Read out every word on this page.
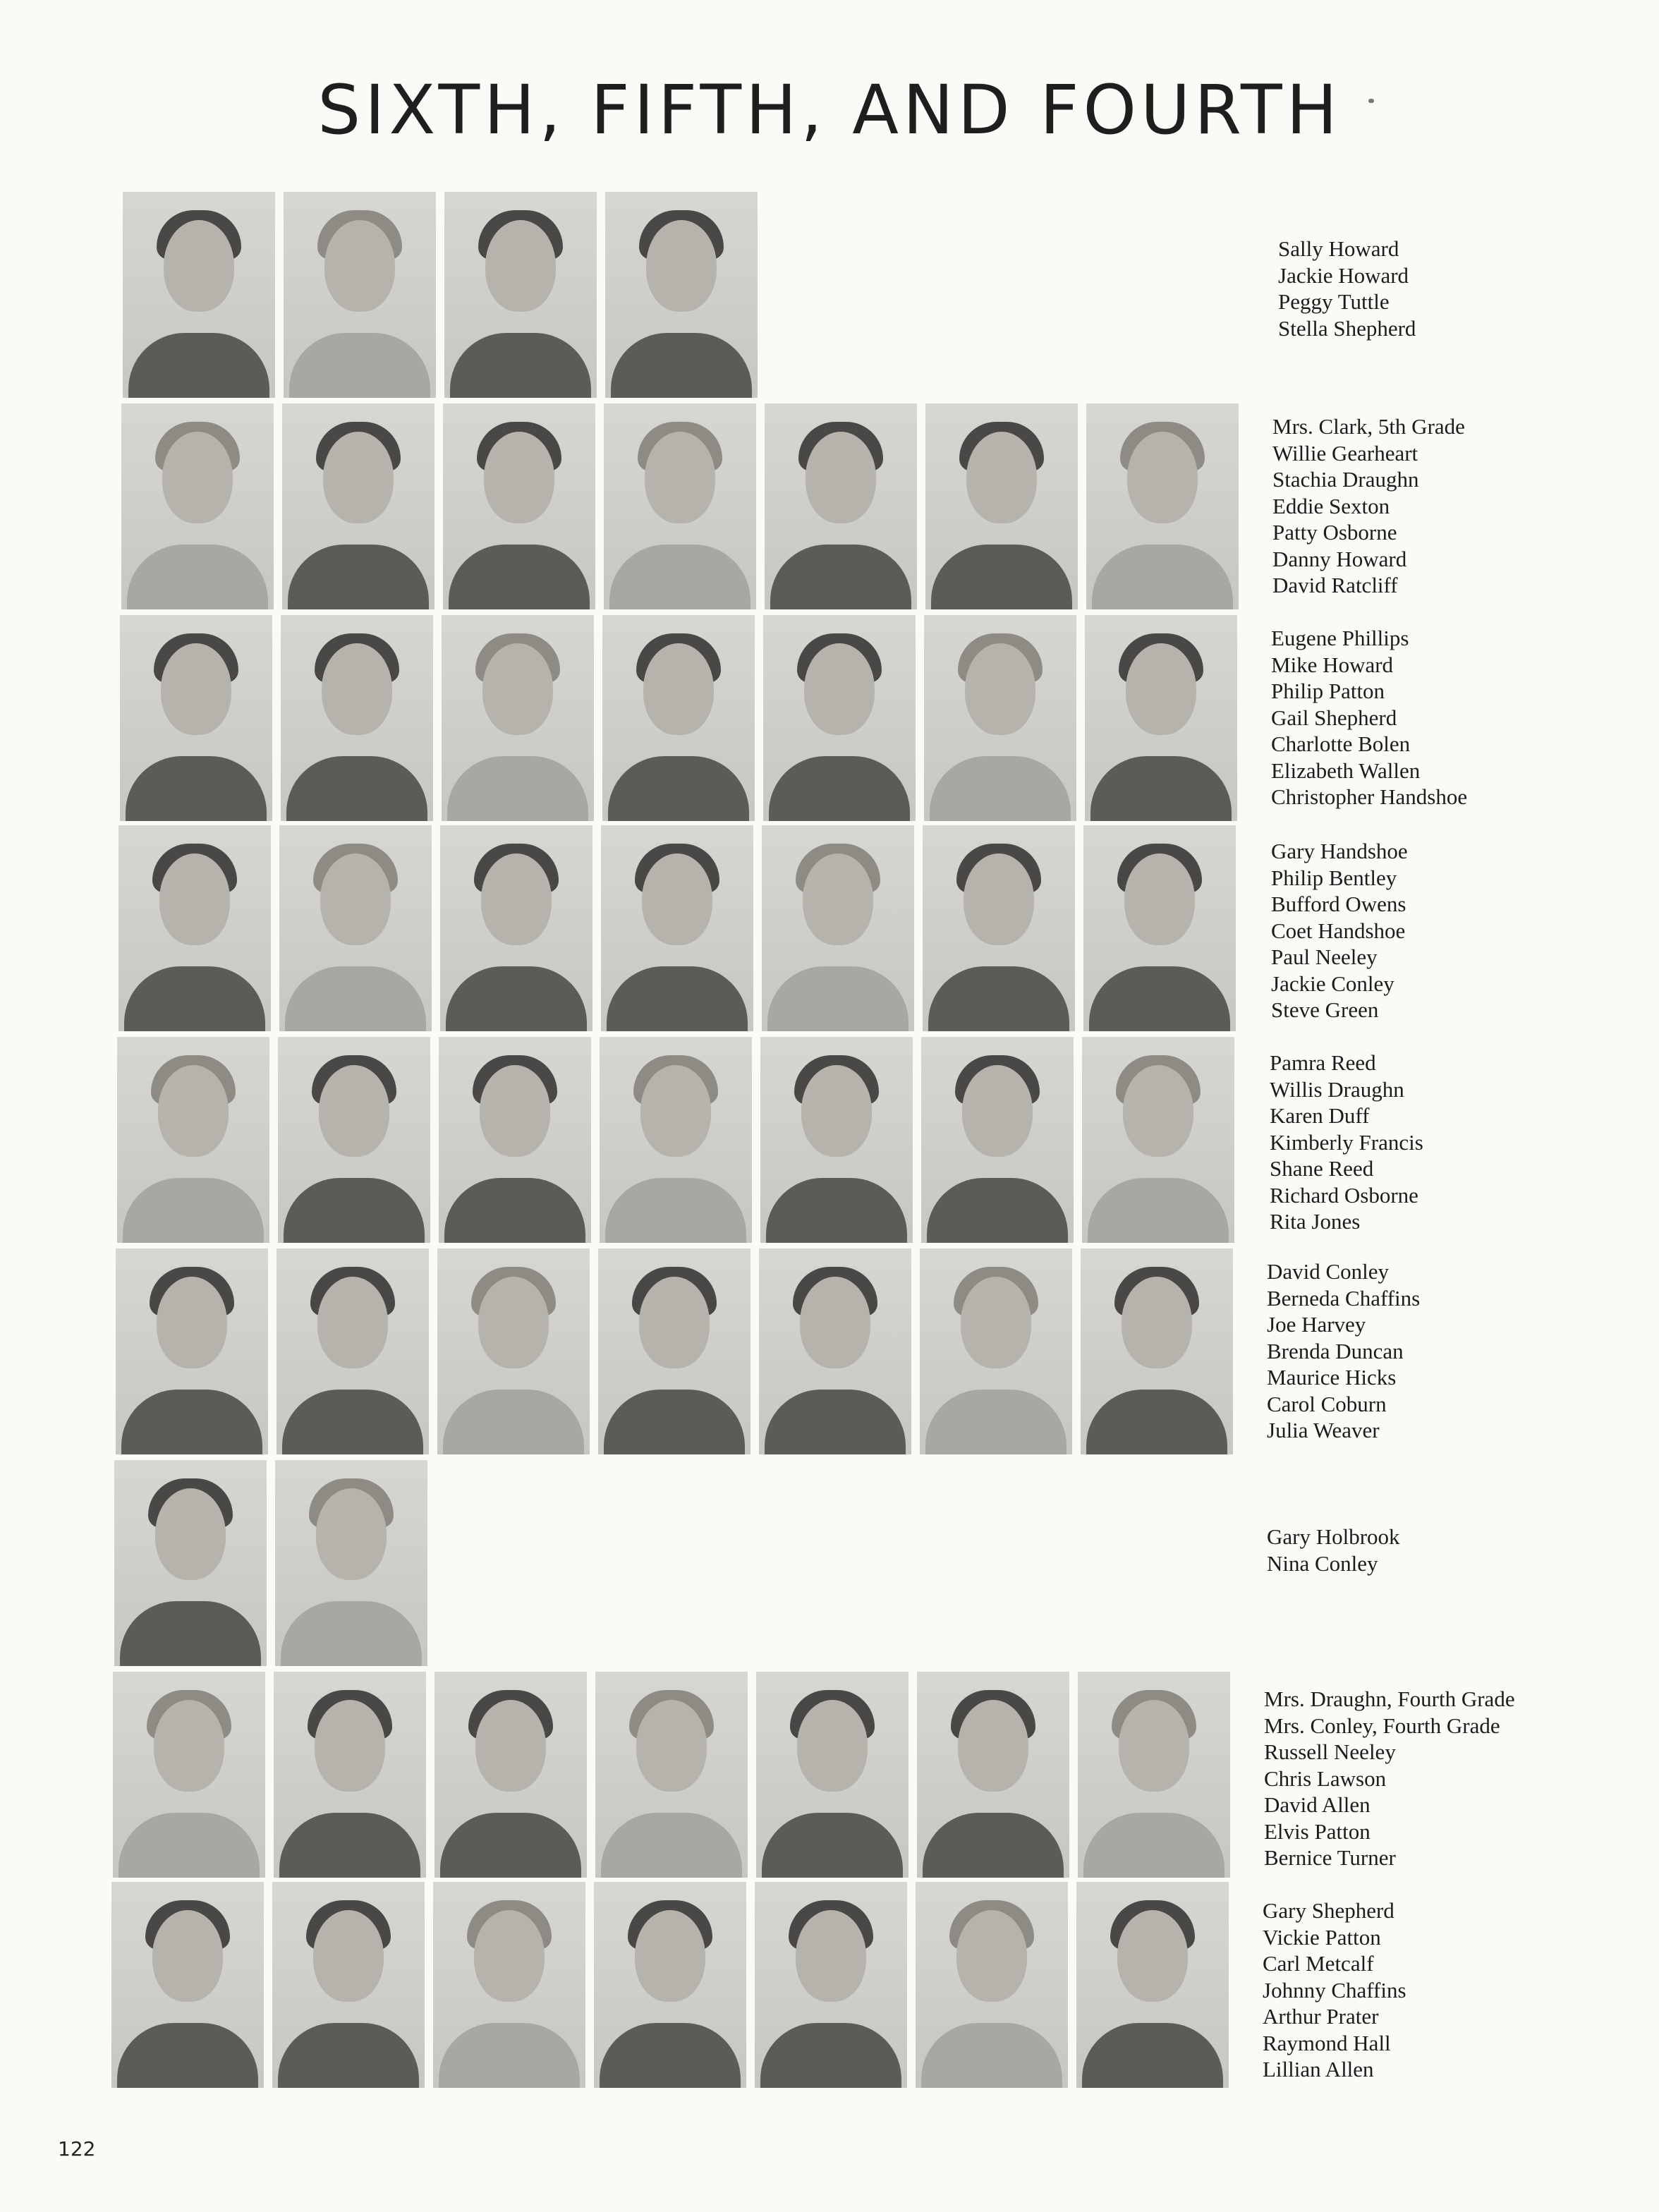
SIXTH, FIFTH, AND FOURTH
Sally Howard
Jackie Howard
Peggy Tuttle
Stella Shepherd
Mrs. Clark, 5th Grade
Willie Gearheart
Stachia Draughn
Eddie Sexton
Patty Osborne
Danny Howard
David Ratcliff
Eugene Phillips
Mike Howard
Philip Patton
Gail Shepherd
Charlotte Bolen
Elizabeth Wallen
Christopher Handshoe
Gary Handshoe
Philip Bentley
Bufford Owens
Coet Handshoe
Paul Neeley
Jackie Conley
Steve Green
Pamra Reed
Willis Draughn
Karen Duff
Kimberly Francis
Shane Reed
Richard Osborne
Rita Jones
David Conley
Berneda Chaffins
Joe Harvey
Brenda Duncan
Maurice Hicks
Carol Coburn
Julia Weaver
Gary Holbrook
Nina Conley
Mrs. Draughn, Fourth Grade
Mrs. Conley, Fourth Grade
Russell Neeley
Chris Lawson
David Allen
Elvis Patton
Bernice Turner
Gary Shepherd
Vickie Patton
Carl Metcalf
Johnny Chaffins
Arthur Prater
Raymond Hall
Lillian Allen
122
